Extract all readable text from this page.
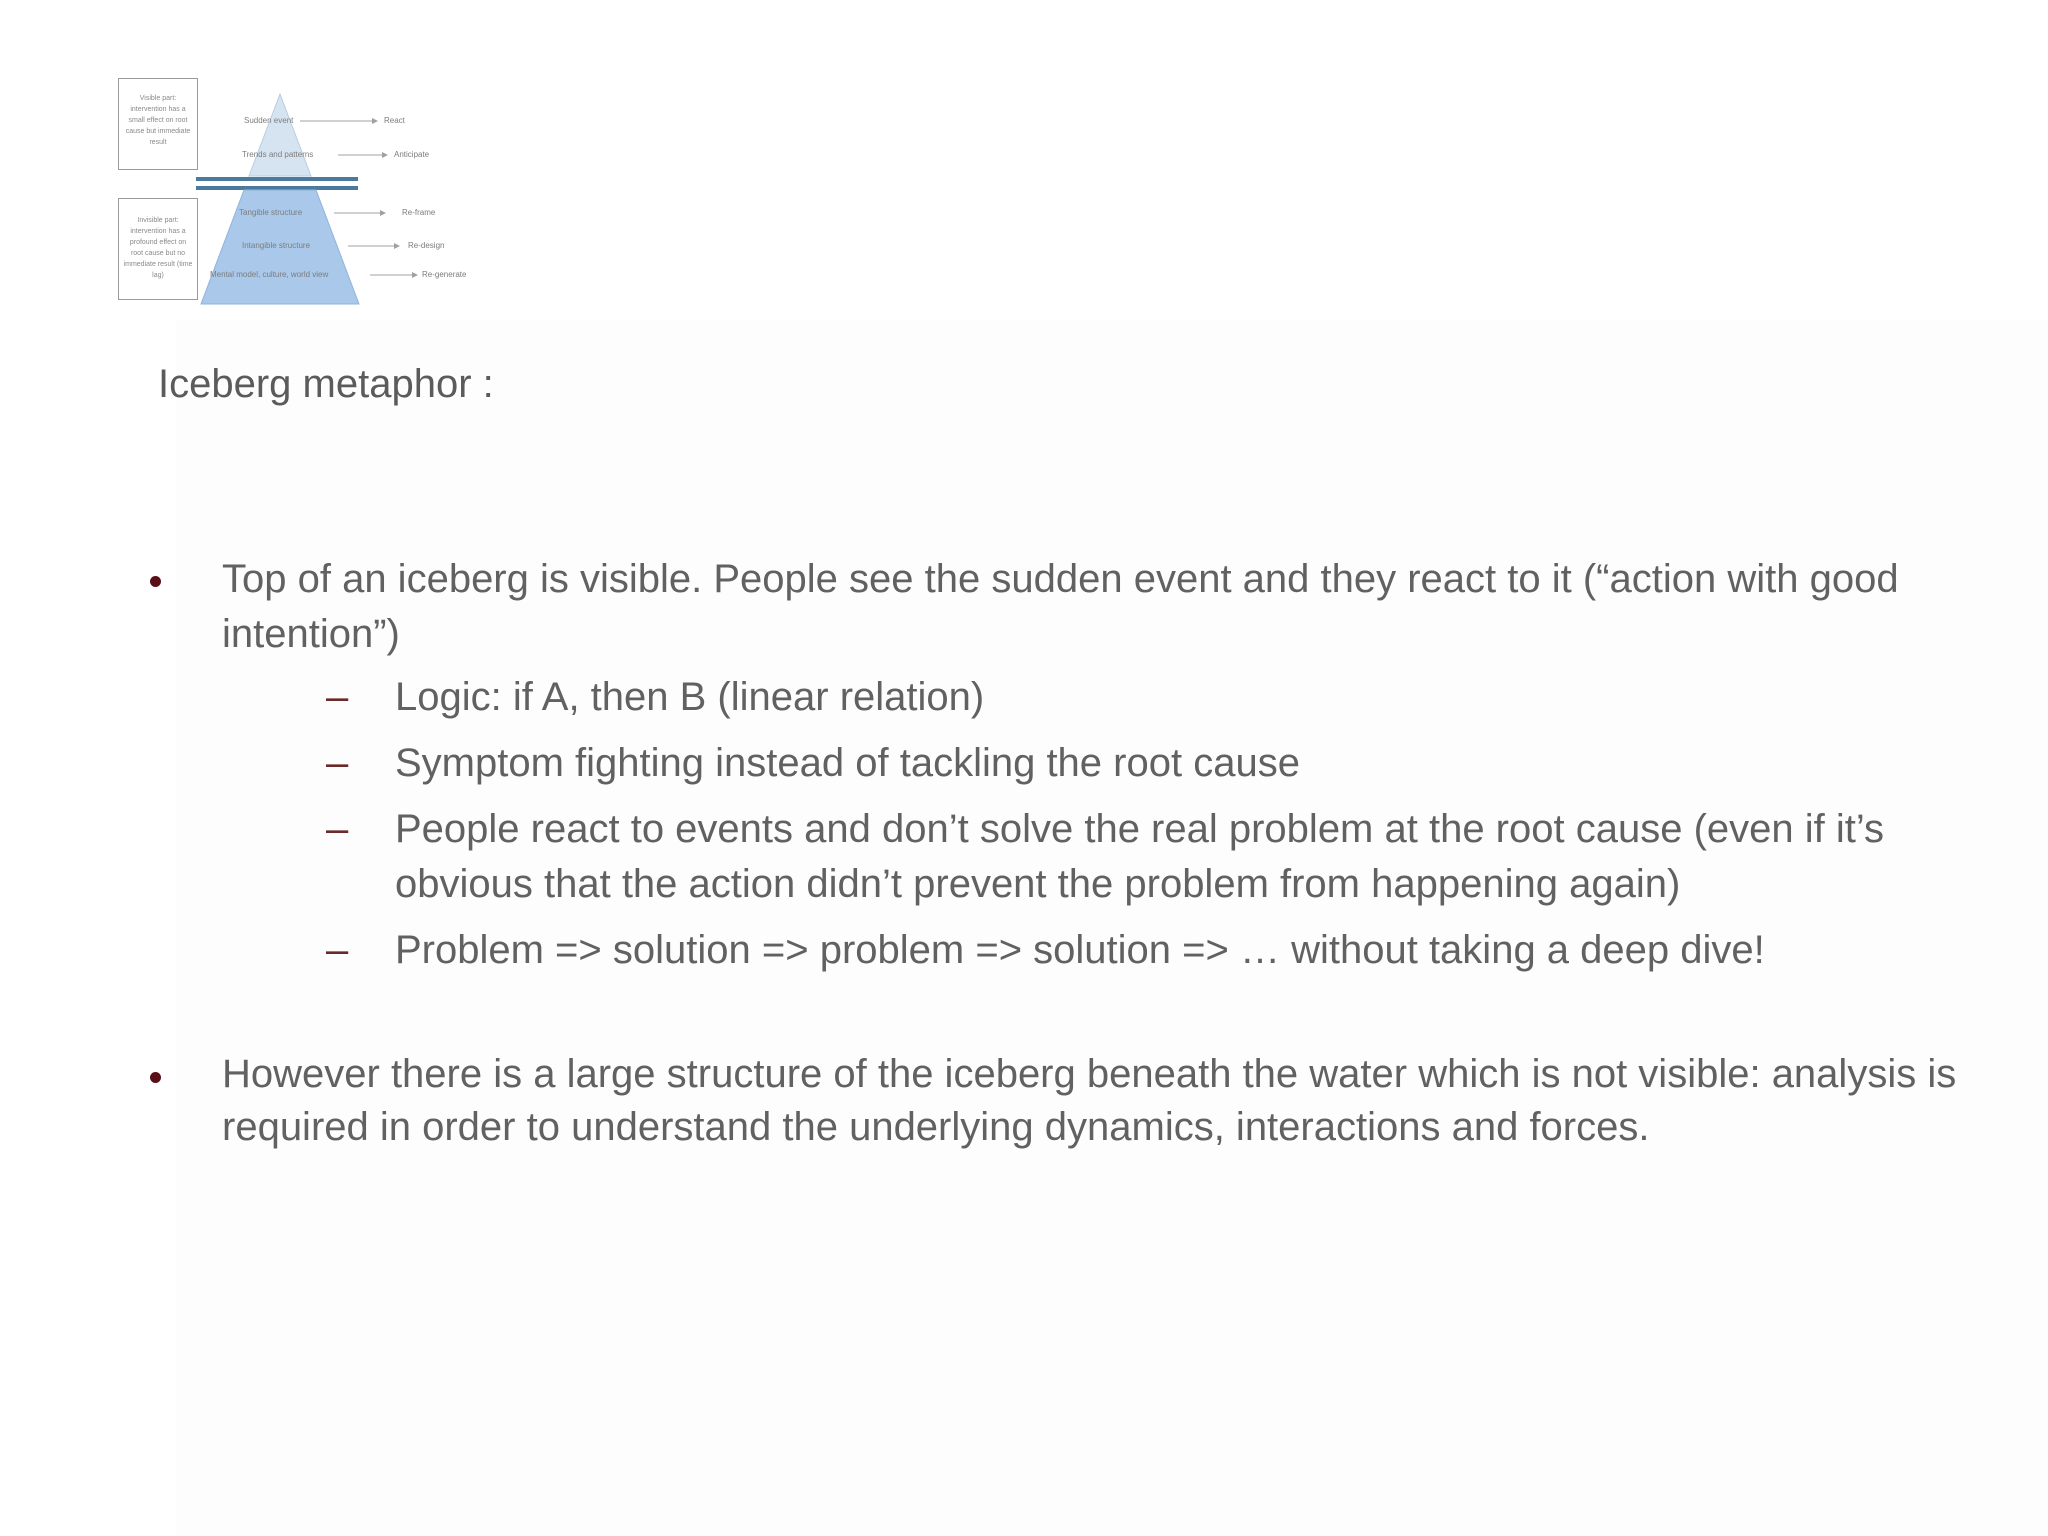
Visible part: intervention has a small effect on root cause but immediate result
Invisible part: intervention has a profound effect on root cause but no immediate result (time lag)
Sudden event	React
Trends and patterns	Anticipate
Tangible structure	Re-frame
Intangible structure	Re-design
Mental model, culture, world view	Re-generate
Iceberg metaphor :
Top of an iceberg is visible. People see the sudden event and they react to it (“action with good intention”)
– Logic: if A, then B (linear relation)
– Symptom fighting instead of tackling the root cause
– People react to events and don’t solve the real problem at the root cause (even if it’s obvious that the action didn’t prevent the problem from happening again)
– Problem => solution => problem => solution => … without taking a deep dive!
However there is a large structure of the iceberg beneath the water which is not visible: analysis is required in order to understand the underlying dynamics, interactions and forces.
